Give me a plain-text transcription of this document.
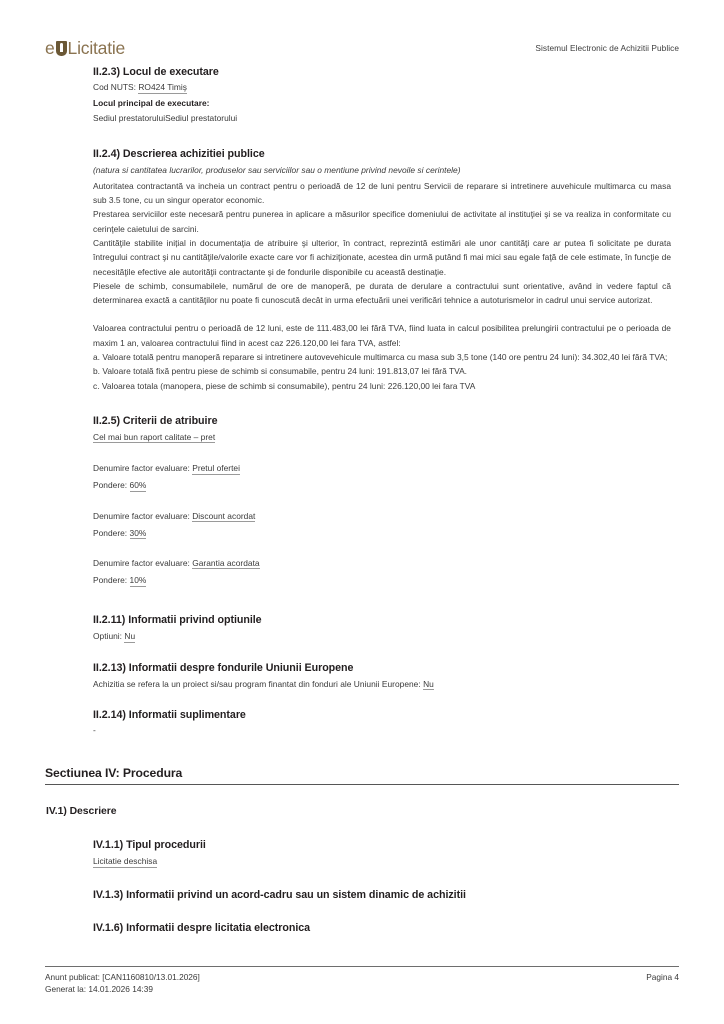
e Licitatie	Sistemul Electronic de Achizitii Publice
II.2.3) Locul de executare

Cod NUTS: RO424 Timiş

Locul principal de executare:

Sediul prestatoruluiSediul prestatorului

II.2.4) Descrierea achizitiei publice

(natura si cantitatea lucrarilor, produselor sau serviciilor sau o mentiune privind nevoile si cerintele)

Autoritatea contractantă va incheia un contract pentru o perioadă de 12 de luni pentru Servicii de reparare si intretinere auvehicule multimarca cu masa sub 3.5 tone, cu un singur operator economic.

Prestarea serviciilor este necesară pentru punerea in aplicare a măsurilor specifice domeniului de activitate al instituţiei şi se va realiza in conformitate cu cerinţele caietului de sarcini.

Cantităţile stabilite inițial in documentaţia de atribuire şi ulterior, în contract, reprezintă estimări ale unor cantităţi care ar putea fi solicitate pe durata întregului contract şi nu cantităţile/valorile exacte care vor fi achiziţionate, acestea din urmă putând fi mai mici sau egale faţă de cele estimate, în funcţie de necesităţile efective ale autorităţii contractante şi de fondurile disponibile cu această destinaţie.

Piesele de schimb, consumabilele, numărul de ore de manoperă, pe durata de derulare a contractului sunt orientative, având in vedere faptul că determinarea exactă a cantităţilor nu poate fi cunoscută decât in urma efectuării unei verificări tehnice a autoturismelor in cadrul unui service autorizat.

Valoarea contractului pentru o perioadă de 12 luni, este de 111.483,00 lei fără TVA, fiind luata in calcul posibilitea prelungirii contractului pe o perioada de maxim 1 an, valoarea contractului fiind in acest caz 226.120,00 lei fara TVA, astfel:

a. Valoare totală pentru manoperă reparare si intretinere autovevehicule multimarca cu masa sub 3,5 tone (140 ore pentru 24 luni): 34.302,40 lei fără TVA;

b. Valoare totală fixă pentru piese de schimb si consumabile, pentru 24 luni: 191.813,07 lei fără TVA.

c. Valoarea totala (manopera, piese de schimb si consumabile), pentru 24 luni: 226.120,00 lei fara TVA

II.2.5) Criterii de atribuire

Cel mai bun raport calitate – pret

Denumire factor evaluare: Pretul ofertei

Pondere: 60%

Denumire factor evaluare: Discount acordat

Pondere: 30%

Denumire factor evaluare: Garantia acordata

Pondere: 10%

II.2.11) Informatii privind optiunile

Optiuni: Nu

II.2.13) Informatii despre fondurile Uniunii Europene

Achizitia se refera la un proiect si/sau program finantat din fonduri ale Uniunii Europene: Nu

II.2.14) Informatii suplimentare

-

Sectiunea IV: Procedura
IV.1) Descriere
IV.1.1) Tipul procedurii

Licitatie deschisa

IV.1.3) Informatii privind un acord-cadru sau un sistem dinamic de achizitii
IV.1.6) Informatii despre licitatia electronica
Anunt publicat: [CAN1160810/13.01.2026]
Generat la: 14.01.2026 14:39
Pagina 4
